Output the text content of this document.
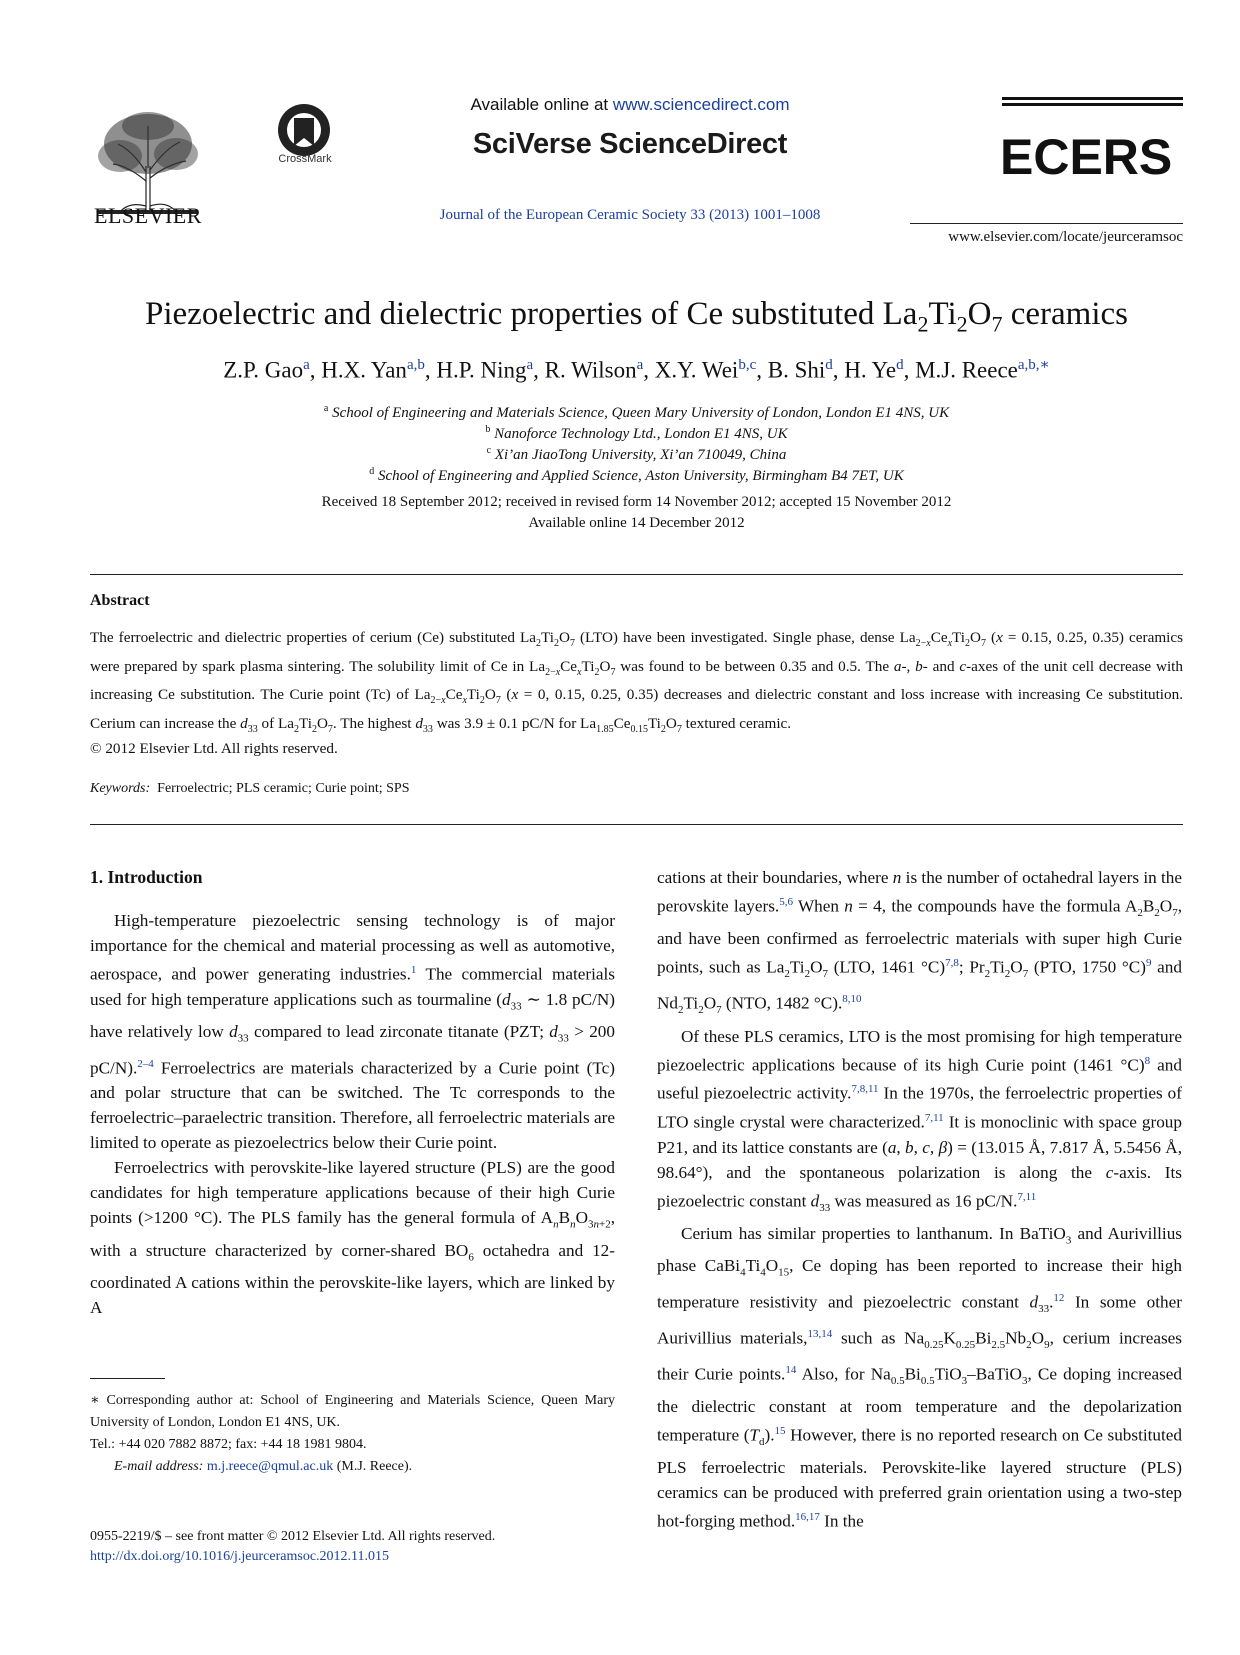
ELSEVIER
CrossMark
Available online at www.sciencedirect.com
SciVerse ScienceDirect
Journal of the European Ceramic Society 33 (2013) 1001–1008
ECERS
www.elsevier.com/locate/jeurceramsoc
Piezoelectric and dielectric properties of Ce substituted $La_2Ti_2O_7$ ceramics
Z.P. Gao$^a$, H.X. Yan$^{a,b}$, H.P. Ning$^a$, R. Wilson$^a$, X.Y. Wei$^{b,c}$, B. Shi$^d$, H. Ye$^d$, M.J. Reece$^{a,b,∗}$
$^a$ School of Engineering and Materials Science, Queen Mary University of London, London E1 4NS, UK
$^b$ Nanoforce Technology Ltd., London E1 4NS, UK
$^c$ Xi’an JiaoTong University, Xi’an 710049, China
$^d$ School of Engineering and Applied Science, Aston University, Birmingham B4 7ET, UK
Received 18 September 2012; received in revised form 14 November 2012; accepted 15 November 2012
Available online 14 December 2012
Abstract
The ferroelectric and dielectric properties of cerium (Ce) substituted $La_2Ti_2O_7$ (LTO) have been investigated. Single phase, dense $La_{2-x}Ce_xTi_2O_7$ (x = 0.15, 0.25, 0.35) ceramics were prepared by spark plasma sintering. The solubility limit of Ce in $La_{2-x}Ce_xTi_2O_7$ was found to be between 0.35 and 0.5. The a-, b- and c-axes of the unit cell decrease with increasing Ce substitution. The Curie point (Tc) of $La_{2-x}Ce_xTi_2O_7$ (x = 0, 0.15, 0.25, 0.35) decreases and dielectric constant and loss increase with increasing Ce substitution. Cerium can increase the $d_{33}$ of $La_2Ti_2O_7$. The highest $d_{33}$ was 3.9 ± 0.1 pC/N for $La_{1.85}Ce_{0.15}Ti_2O_7$ textured ceramic.
© 2012 Elsevier Ltd. All rights reserved.
Keywords: Ferroelectric; PLS ceramic; Curie point; SPS
1. Introduction

High-temperature piezoelectric sensing technology is of major importance for the chemical and material processing as well as automotive, aerospace, and power generating industries.$^1$ The commercial materials used for high temperature applications such as tourmaline ($d_{33}$ ∼ 1.8 pC/N) have relatively low $d_{33}$ compared to lead zirconate titanate (PZT; $d_{33} > 200$ pC/N).$^{2-4}$ Ferroelectrics are materials characterized by a Curie point (Tc) and polar structure that can be switched. The Tc corresponds to the ferroelectric–paraelectric transition. Therefore, all ferroelectric materials are limited to operate as piezoelectrics below their Curie point.

Ferroelectrics with perovskite-like layered structure (PLS) are the good candidates for high temperature applications because of their high Curie points (>1200 °C). The PLS family has the general formula of $A_nB_nO_{3n+2}$, with a structure characterized by corner-shared $BO_6$ octahedra and 12-coordinated A cations within the perovskite-like layers, which are linked by A

cations at their boundaries, where n is the number of octahedral layers in the perovskite layers.$^{5,6}$ When n = 4, the compounds have the formula $A_2B_2O_7$, and have been confirmed as ferroelectric materials with super high Curie points, such as $La_2Ti_2O_7$ (LTO, 1461 °C)$^{7,8}$; $Pr_2Ti_2O_7$ (PTO, 1750 °C)$^9$ and $Nd_2Ti_2O_7$ (NTO, 1482 °C).$^{8,10}$

Of these PLS ceramics, LTO is the most promising for high temperature piezoelectric applications because of its high Curie point (1461 °C)$^8$ and useful piezoelectric activity.$^{7,8,11}$ In the 1970s, the ferroelectric properties of LTO single crystal were characterized.$^{7,11}$ It is monoclinic with space group P21, and its lattice constants are (a, b, c, β) = (13.015 Å, 7.817 Å, 5.5456 Å, 98.64°), and the spontaneous polarization is along the c-axis. Its piezoelectric constant $d_{33}$ was measured as 16 pC/N.$^{7,11}$

Cerium has similar properties to lanthanum. In BaTiO$_3$ and Aurivillius phase $CaBi_4Ti_4O_{15}$, Ce doping has been reported to increase their high temperature resistivity and piezoelectric constant $d_{33}.^{12}$ In some other Aurivillius materials,$^{13,14}$ such as $Na_{0.25}K_{0.25}Bi_{2.5}Nb_2O_9$, cerium increases their Curie points.$^{14}$ Also, for $Na_{0.5}Bi_{0.5}TiO_3-BaTiO_3$, Ce doping increased the dielectric constant at room temperature and the depolarization temperature $(T_d).^{15}$ However, there is no reported research on Ce substituted PLS ferroelectric materials. Perovskite-like layered structure (PLS) ceramics can be produced with preferred grain orientation using a two-step hot-forging method.$^{16,17}$ In the

∗ Corresponding author at: School of Engineering and Materials Science, Queen Mary University of London, London E1 4NS, UK.
Tel.: +44 020 7882 8872; fax: +44 18 1981 9804.
E-mail address: m.j.reece@qmul.ac.uk (M.J. Reece).
0955-2219/$ – see front matter © 2012 Elsevier Ltd. All rights reserved.
http://dx.doi.org/10.1016/j.jeurceramsoc.2012.11.015
